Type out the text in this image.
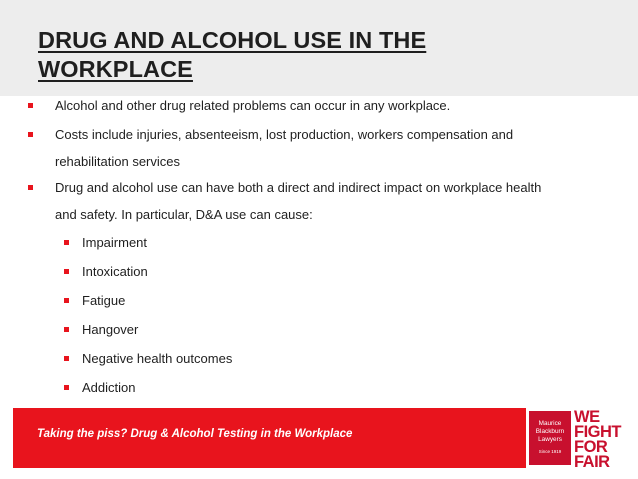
DRUG AND ALCOHOL USE IN THE
WORKPLACE
Alcohol and other drug related problems can occur in any workplace.
Costs include injuries, absenteeism, lost production, workers compensation and
rehabilitation services
Drug and alcohol use can have both a direct and indirect impact on workplace health
and safety. In particular, D&A use can cause:
Impairment
Intoxication
Fatigue
Hangover
Negative health outcomes
Addiction
Taking the piss? Drug & Alcohol Testing in the Workplace
Maurice
Blackburn
Lawyers
Since 1919
WE
FIGHT
FOR
FAIR
